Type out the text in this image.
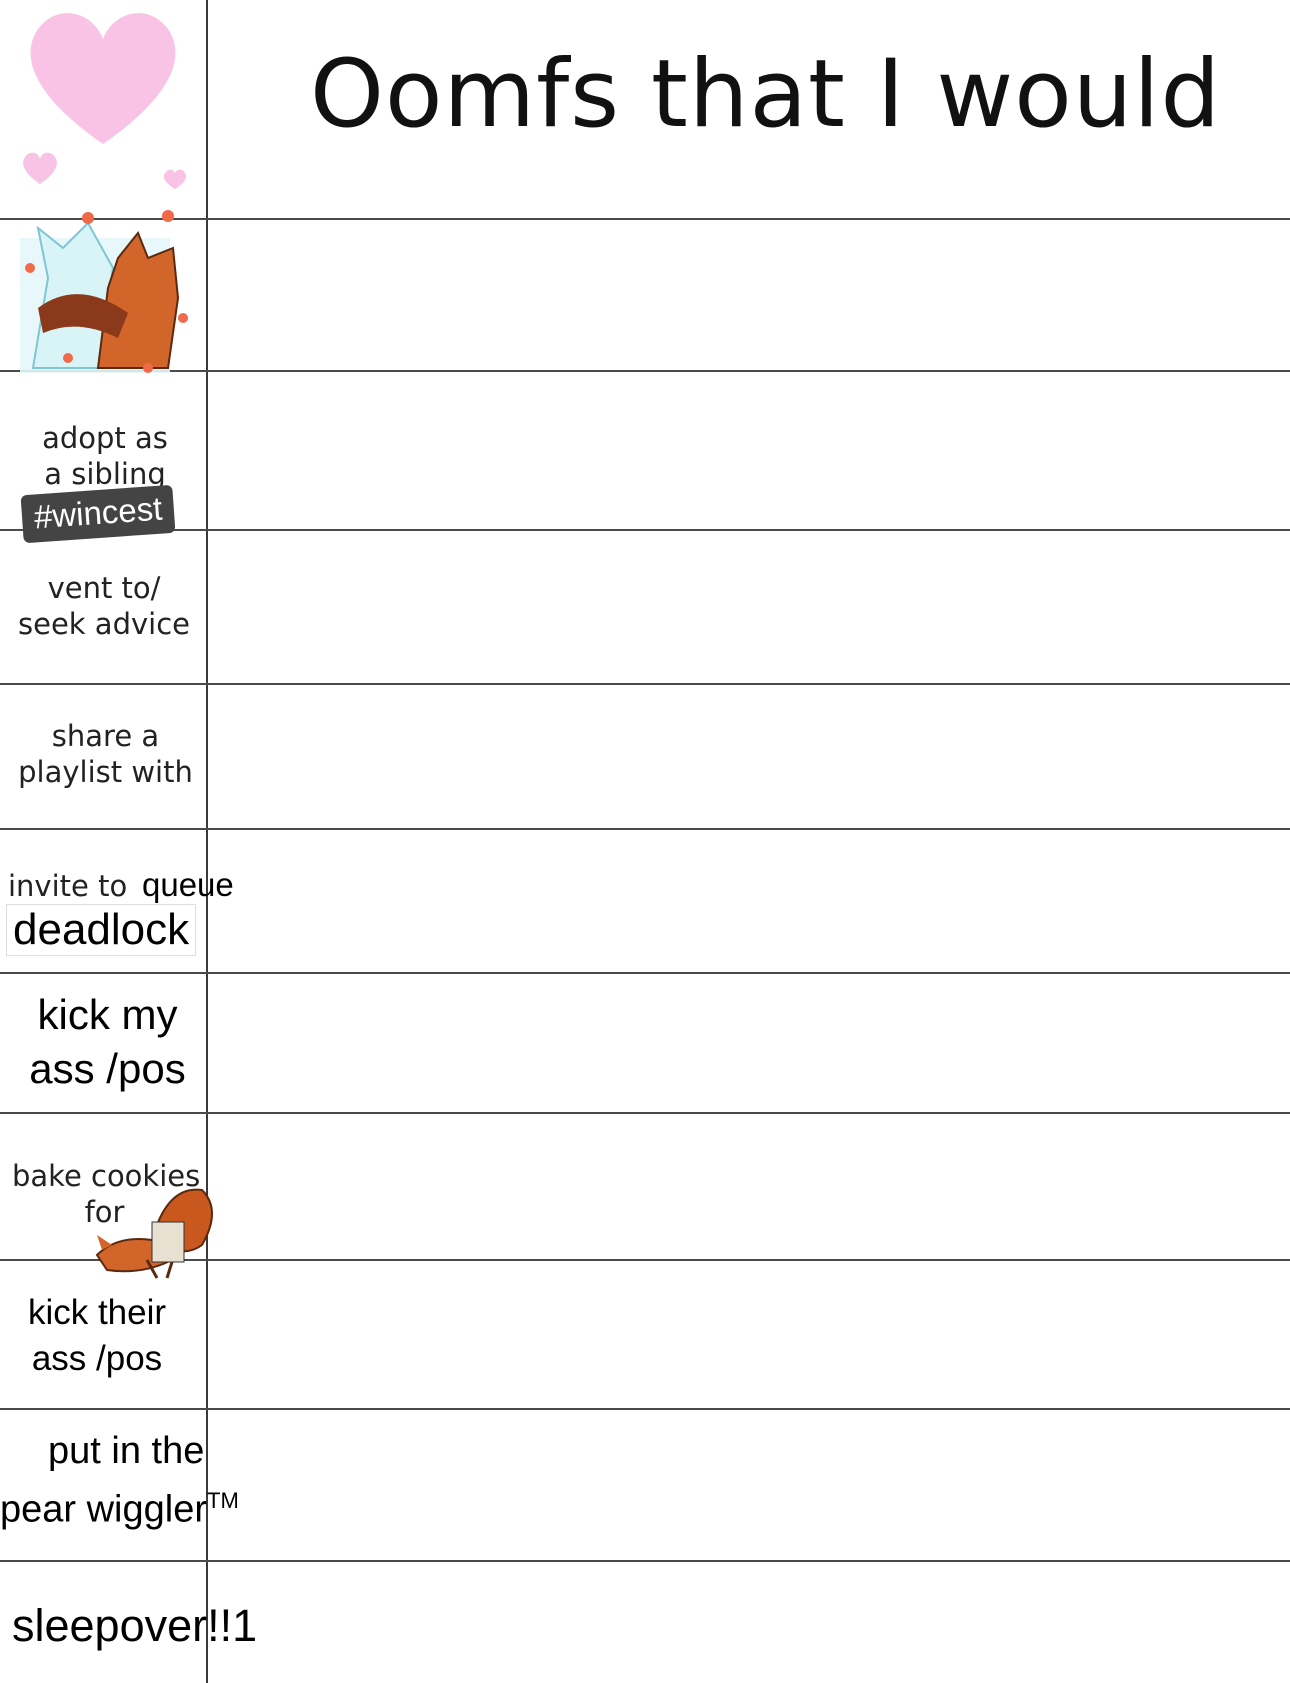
Oomfs that I would
adopt as
a sibling
#wincest
vent to/
seek advice
share a
playlist with
invite to queue
deadlock
kick my
ass /pos
bake cookies
for
kick their
ass /pos
put in the
pear wiggler™
sleepover!!1
